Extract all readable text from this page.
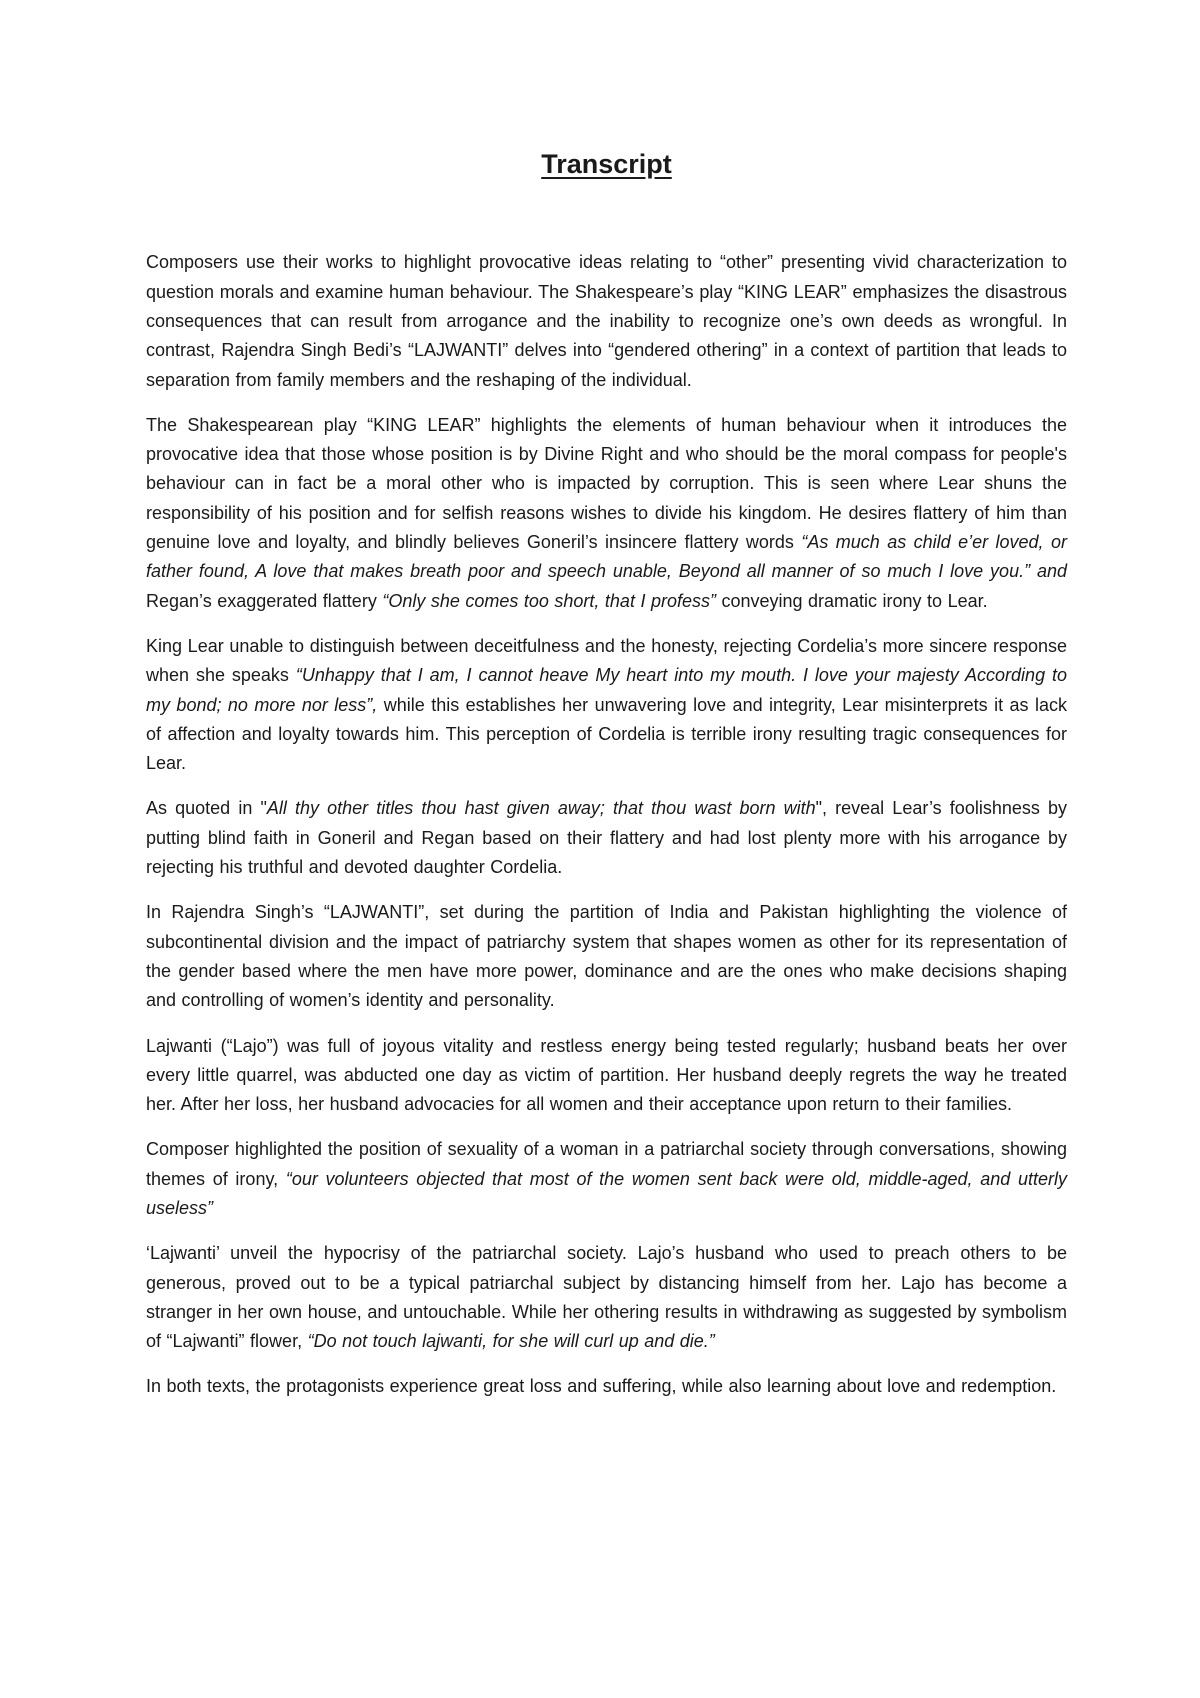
Transcript

Composers use their works to highlight provocative ideas relating to “other” presenting vivid characterization to question morals and examine human behaviour. The Shakespeare’s play “KING LEAR” emphasizes the disastrous consequences that can result from arrogance and the inability to recognize one’s own deeds as wrongful. In contrast, Rajendra Singh Bedi’s “LAJWANTI” delves into “gendered othering” in a context of partition that leads to separation from family members and the reshaping of the individual.

The Shakespearean play “KING LEAR” highlights the elements of human behaviour when it introduces the provocative idea that those whose position is by Divine Right and who should be the moral compass for people's behaviour can in fact be a moral other who is impacted by corruption. This is seen where Lear shuns the responsibility of his position and for selfish reasons wishes to divide his kingdom. He desires flattery of him than genuine love and loyalty, and blindly believes Goneril’s insincere flattery words “As much as child e’er loved, or father found, A love that makes breath poor and speech unable, Beyond all manner of so much I love you.” and Regan’s exaggerated flattery “Only she comes too short, that I profess” conveying dramatic irony to Lear.

King Lear unable to distinguish between deceitfulness and the honesty, rejecting Cordelia’s more sincere response when she speaks “Unhappy that I am, I cannot heave My heart into my mouth. I love your majesty According to my bond; no more nor less”, while this establishes her unwavering love and integrity, Lear misinterprets it as lack of affection and loyalty towards him. This perception of Cordelia is terrible irony resulting tragic consequences for Lear.

As quoted in "All thy other titles thou hast given away; that thou wast born with", reveal Lear’s foolishness by putting blind faith in Goneril and Regan based on their flattery and had lost plenty more with his arrogance by rejecting his truthful and devoted daughter Cordelia.

In Rajendra Singh’s “LAJWANTI”, set during the partition of India and Pakistan highlighting the violence of subcontinental division and the impact of patriarchy system that shapes women as other for its representation of the gender based where the men have more power, dominance and are the ones who make decisions shaping and controlling of women’s identity and personality.

Lajwanti (“Lajo”) was full of joyous vitality and restless energy being tested regularly; husband beats her over every little quarrel, was abducted one day as victim of partition. Her husband deeply regrets the way he treated her. After her loss, her husband advocacies for all women and their acceptance upon return to their families.

Composer highlighted the position of sexuality of a woman in a patriarchal society through conversations, showing themes of irony, “our volunteers objected that most of the women sent back were old, middle-aged, and utterly useless”

‘Lajwanti’ unveil the hypocrisy of the patriarchal society. Lajo’s husband who used to preach others to be generous, proved out to be a typical patriarchal subject by distancing himself from her. Lajo has become a stranger in her own house, and untouchable. While her othering results in withdrawing as suggested by symbolism of “Lajwanti” flower, “Do not touch lajwanti, for she will curl up and die.”

In both texts, the protagonists experience great loss and suffering, while also learning about love and redemption.
